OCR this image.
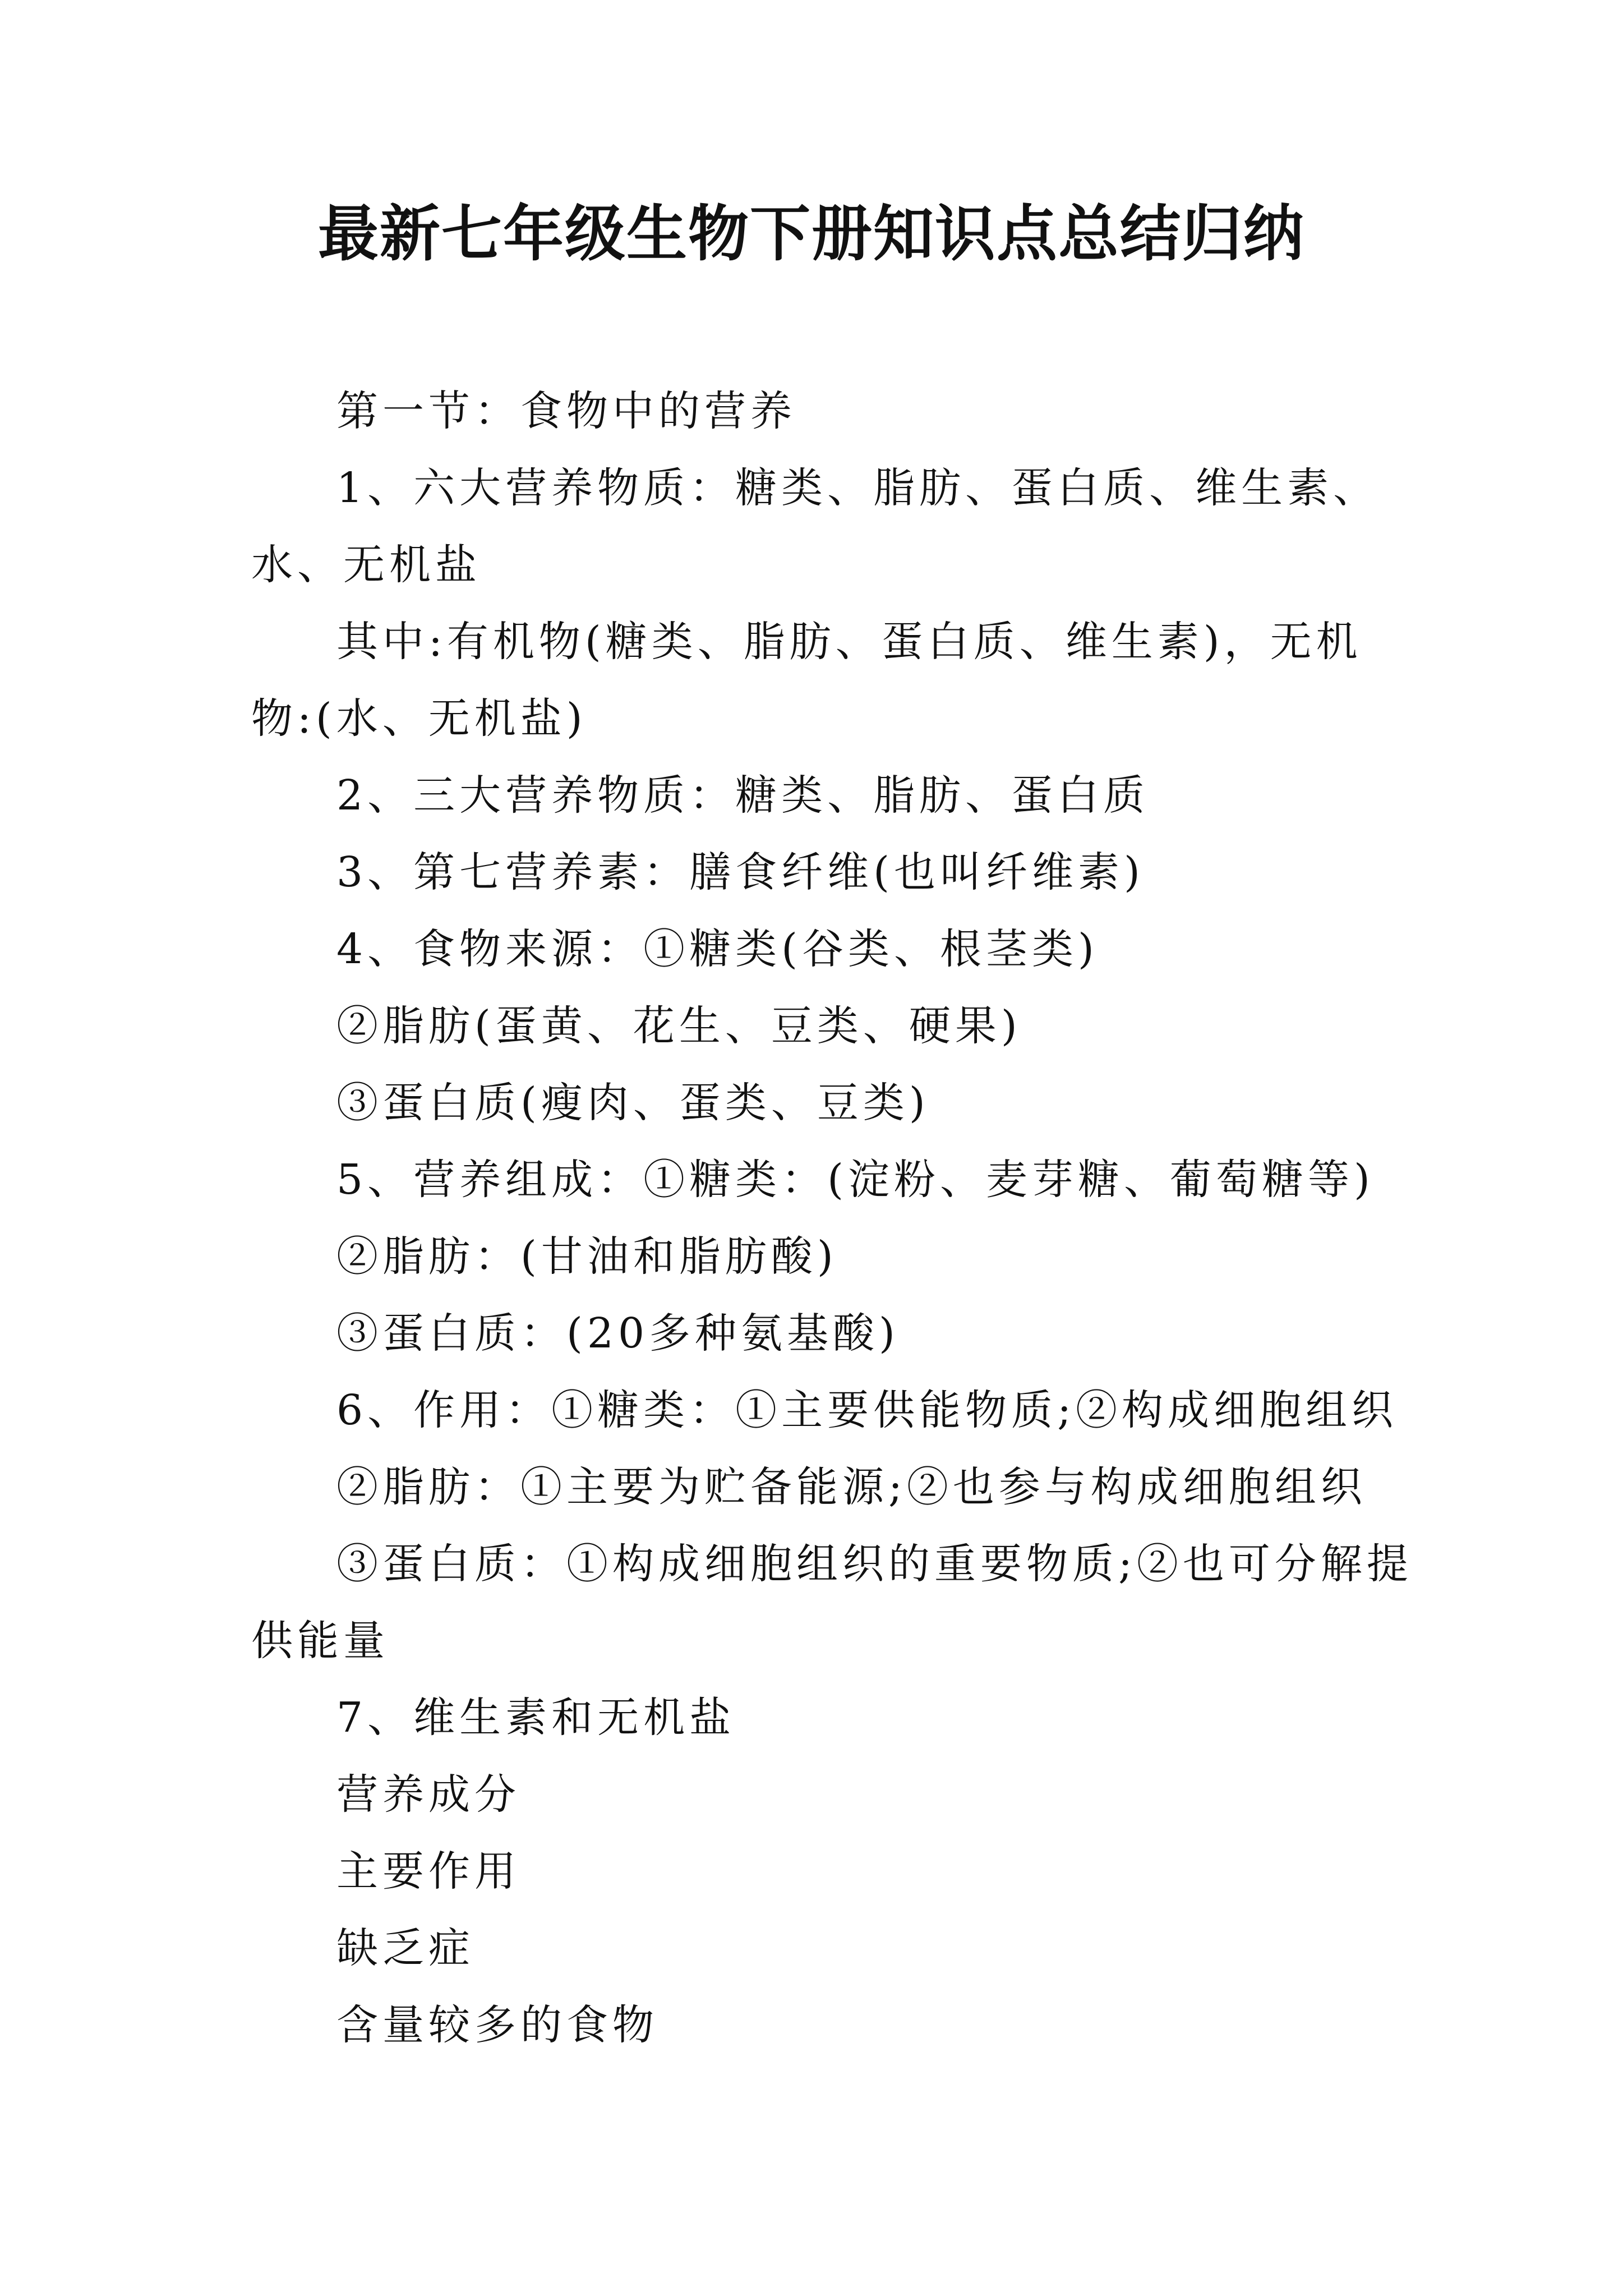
最新七年级生物下册知识点总结归纳

第一节：食物中的营养

1、六大营养物质：糖类、脂肪、蛋白质、维生素、水、无机盐

其中:有机物(糖类、脂肪、蛋白质、维生素)，无机物:(水、无机盐)

2、三大营养物质：糖类、脂肪、蛋白质

3、第七营养素：膳食纤维(也叫纤维素)

4、食物来源：①糖类(谷类、根茎类)

②脂肪(蛋黄、花生、豆类、硬果)

③蛋白质(瘦肉、蛋类、豆类)

5、营养组成：①糖类：(淀粉、麦芽糖、葡萄糖等)

②脂肪：(甘油和脂肪酸)

③蛋白质：(20多种氨基酸)

6、作用：①糖类：①主要供能物质;②构成细胞组织

②脂肪：①主要为贮备能源;②也参与构成细胞组织

③蛋白质：①构成细胞组织的重要物质;②也可分解提供能量

7、维生素和无机盐

营养成分

主要作用

缺乏症

含量较多的食物
